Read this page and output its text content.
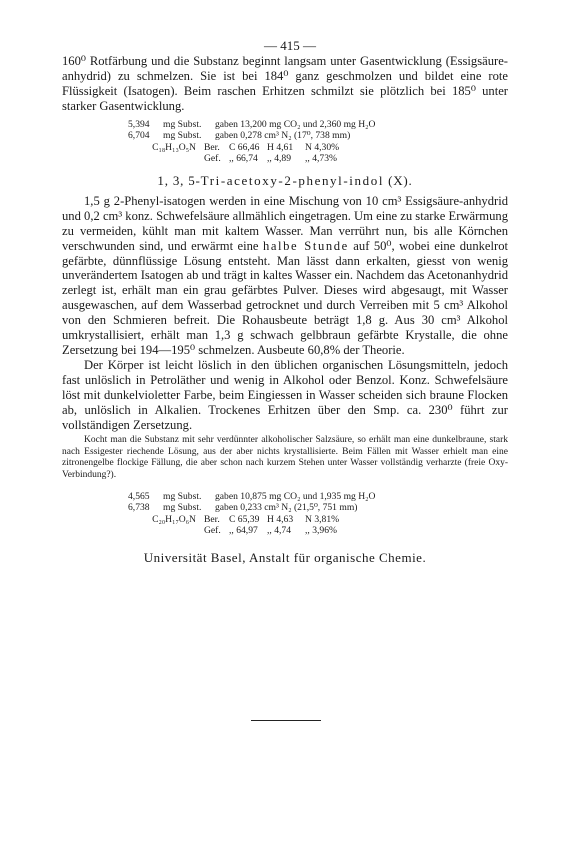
— 415 —

160⁰ Rotfärbung und die Substanz beginnt langsam unter Gasentwicklung (Essigsäure-anhydrid) zu schmelzen. Sie ist bei 184⁰ ganz geschmolzen und bildet eine rote Flüssigkeit (Isatogen). Beim raschen Erhitzen schmilzt sie plötzlich bei 185⁰ unter starker Gasentwicklung.

5,394 mg Subst. gaben 13,200 mg CO₂ und 2,360 mg H₂O
6,704 mg Subst. gaben 0,278 cm³ N₂ (17⁰, 738 mm)
C₁₈H₁₃O₅N Ber. C 66,46 H 4,61	N 4,30%
Gef. ,, 66,74 ,, 4,89	,, 4,73%
1, 3, 5-Tri-acetoxy-2-phenyl-indol (X).

1,5 g 2-Phenyl-isatogen werden in eine Mischung von 10 cm³ Essigsäure-anhydrid und 0,2 cm³ konz. Schwefelsäure allmählich eingetragen. Um eine zu starke Erwärmung zu vermeiden, kühlt man mit kaltem Wasser. Man verrührt nun, bis alle Körnchen verschwunden sind, und erwärmt eine halbe Stunde auf 50⁰, wobei eine dunkelrot gefärbte, dünnflüssige Lösung entsteht. Man lässt dann erkalten, giesst von wenig unverändertem Isatogen ab und trägt in kaltes Wasser ein. Nachdem das Acetonanhydrid zerlegt ist, erhält man ein grau gefärbtes Pulver. Dieses wird abgesaugt, mit Wasser ausgewaschen, auf dem Wasserbad getrocknet und durch Verreiben mit 5 cm³ Alkohol von den Schmieren befreit. Die Rohausbeute beträgt 1,8 g. Aus 30 cm³ Alkohol umkrystallisiert, erhält man 1,3 g schwach gelbbraun gefärbte Krystalle, die ohne Zersetzung bei 194—195⁰ schmelzen. Ausbeute 60,8% der Theorie.

Der Körper ist leicht löslich in den üblichen organischen Lösungsmitteln, jedoch fast unlöslich in Petroläther und wenig in Alkohol oder Benzol. Konz. Schwefelsäure löst mit dunkelvioletter Farbe, beim Eingiessen in Wasser scheiden sich braune Flocken ab, unlöslich in Alkalien. Trockenes Erhitzen über den Smp. ca. 230⁰ führt zur vollständigen Zersetzung.

Kocht man die Substanz mit sehr verdünnter alkoholischer Salzsäure, so erhält man eine dunkelbraune, stark nach Essigester riechende Lösung, aus der aber nichts krystallisierte. Beim Fällen mit Wasser erhielt man eine zitronengelbe flockige Fällung, die aber schon nach kurzem Stehen unter Wasser vollständig verharzte (freie Oxy-Verbindung?).

4,565 mg Subst. gaben 10,875 mg CO₂ und 1,935 mg H₂O
6,738 mg Subst. gaben 0,233 cm³ N₂ (21,5⁰, 751 mm)
C₂₀H₁₇O₆N Ber. C 65,39 H 4,63	N 3,81%
Gef. ,, 64,97 ,, 4,74	,, 3,96%
Universität Basel, Anstalt für organische Chemie.
